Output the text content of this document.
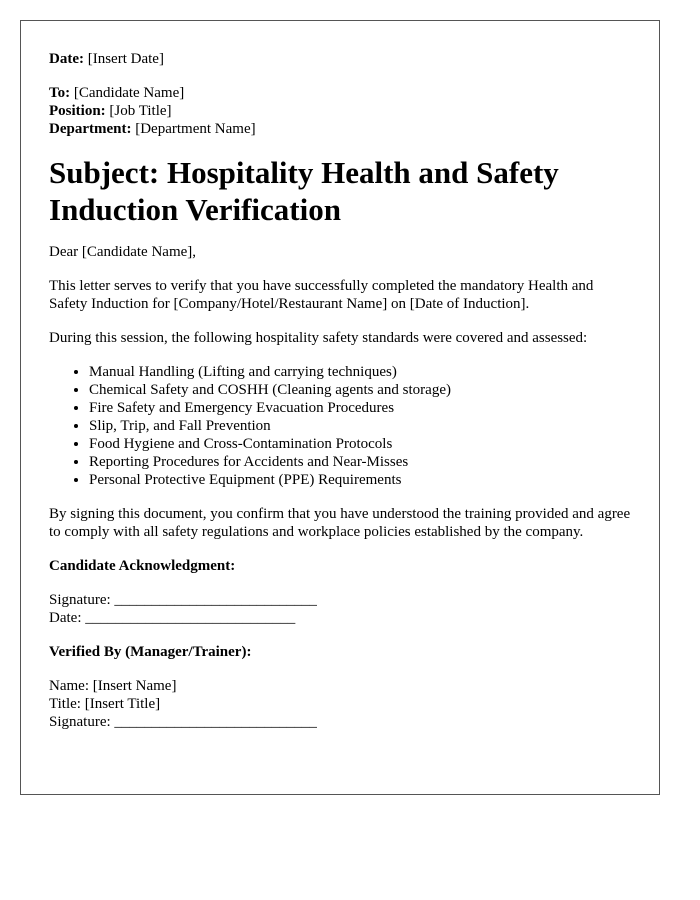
Date: [Insert Date]
To: [Candidate Name]
Position: [Job Title]
Department: [Department Name]
Subject: Hospitality Health and Safety Induction Verification

Dear [Candidate Name],

This letter serves to verify that you have successfully completed the mandatory Health and Safety Induction for [Company/Hotel/Restaurant Name] on [Date of Induction].

During this session, the following hospitality safety standards were covered and assessed:

• Manual Handling (Lifting and carrying techniques)
• Chemical Safety and COSHH (Cleaning agents and storage)
• Fire Safety and Emergency Evacuation Procedures
• Slip, Trip, and Fall Prevention
• Food Hygiene and Cross-Contamination Protocols
• Reporting Procedures for Accidents and Near-Misses
• Personal Protective Equipment (PPE) Requirements

By signing this document, you confirm that you have understood the training provided and agree to comply with all safety regulations and workplace policies established by the company.

Candidate Acknowledgment:
Signature: ___________________________
Date: ____________________________
Verified By (Manager/Trainer):
Name: [Insert Name]
Title: [Insert Title]
Signature: ___________________________
